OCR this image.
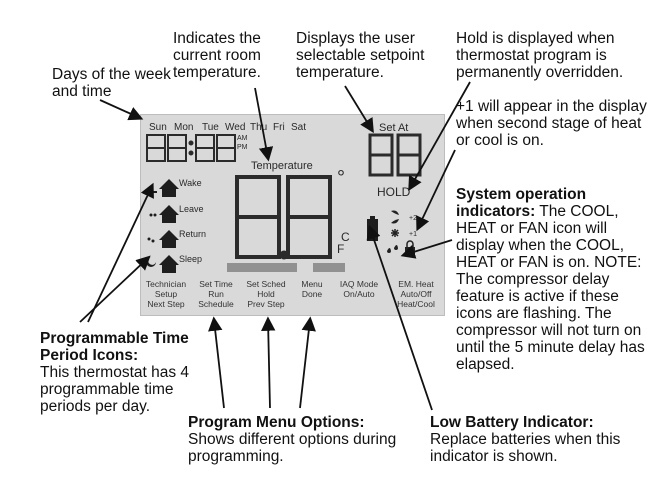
Days of the week and time
Indicates the current room temperature.
Displays the user selectable setpoint temperature.
Hold is displayed when thermostat program is permanently overridden.
+1 will appear in the display when second stage of heat or cool is on.
System operation indicators: The COOL, HEAT or FAN icon will display when the COOL, HEAT or FAN is on. NOTE: The compressor delay feature is active if these icons are flashing. The compressor will not turn on until the 5 minute delay has elapsed.
Programmable Time Period Icons:
This thermostat has 4 programmable time periods per day.
Program Menu Options:
Shows different options during programming.
Low Battery Indicator:
Replace batteries when this indicator is shown.
Sun Mon Tue Wed Thu Fri Sat	Set At
AM
PM
Temperature
°
C
F
HOLD
+2
+1
Wake
Leave
Return
Sleep
Technician
Setup
Next Step
Set Time
Run
Schedule
Set Sched
Hold
Prev Step
Menu
Done
IAQ Mode
On/Auto
EM. Heat
Auto/Off
Heat/Cool
